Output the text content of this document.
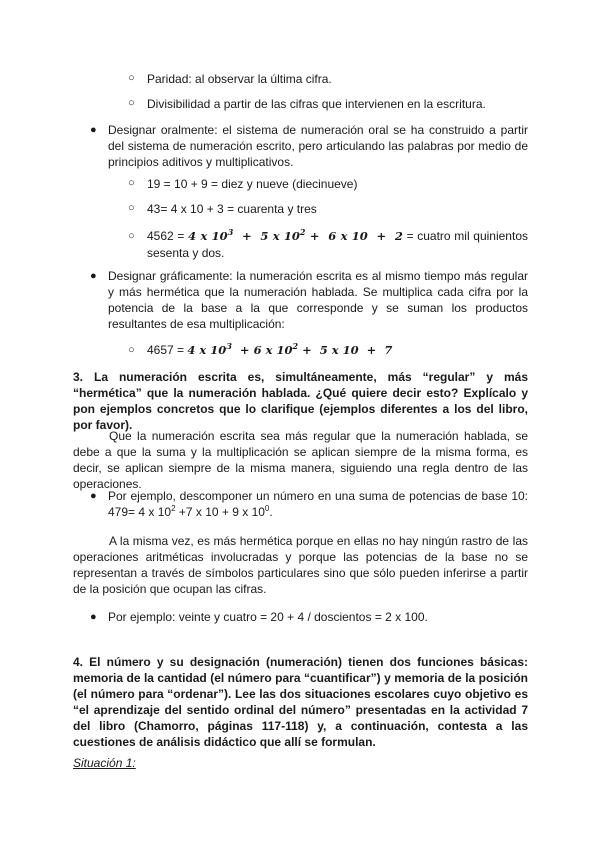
○ Paridad: al observar la última cifra.
○ Divisibilidad a partir de las cifras que intervienen en la escritura.
● Designar oralmente: el sistema de numeración oral se ha construido a partir del sistema de numeración escrito, pero articulando las palabras por medio de principios aditivos y multiplicativos.
○ 19 = 10 + 9 = diez y nueve (diecinueve)
○ 43= 4 x 10 + 3 = cuarenta y tres
○ 4562 = 4 x $10^3 + 5$ x $10^2 + 6$ x 10 + 2 = cuatro mil quinientos sesenta y dos.
● Designar gráficamente: la numeración escrita es al mismo tiempo más regular y más hermética que la numeración hablada. Se multiplica cada cifra por la potencia de la base a la que corresponde y se suman los productos resultantes de esa multiplicación:
○ 4657 = 4 x $10^3 + 6$ x $10^2 + 5$ x 10 + 7
3. La numeración escrita es, simultáneamente, más “regular” y más “hermética” que la numeración hablada. ¿Qué quiere decir esto? Explícalo y pon ejemplos concretos que lo clarifique (ejemplos diferentes a los del libro, por favor).
Que la numeración escrita sea más regular que la numeración hablada, se debe a que la suma y la multiplicación se aplican siempre de la misma forma, es decir, se aplican siempre de la misma manera, siguiendo una regla dentro de las operaciones.
● Por ejemplo, descomponer un número en una suma de potencias de base 10:
479= 4 x $10^2 +7$ x 10 + 9 x $10^0$.
A la misma vez, es más hermética porque en ellas no hay ningún rastro de las operaciones aritméticas involucradas y porque las potencias de la base no se representan a través de símbolos particulares sino que sólo pueden inferirse a partir de la posición que ocupan las cifras.
● Por ejemplo: veinte y cuatro = 20 + 4 / doscientos = 2 x 100.
4. El número y su designación (numeración) tienen dos funciones básicas: memoria de la cantidad (el número para “cuantificar”) y memoria de la posición (el número para “ordenar”). Lee las dos situaciones escolares cuyo objetivo es “el aprendizaje del sentido ordinal del número” presentadas en la actividad 7 del libro (Chamorro, páginas 117-118) y, a continuación, contesta a las cuestiones de análisis didáctico que allí se formulan.
Situación 1:
